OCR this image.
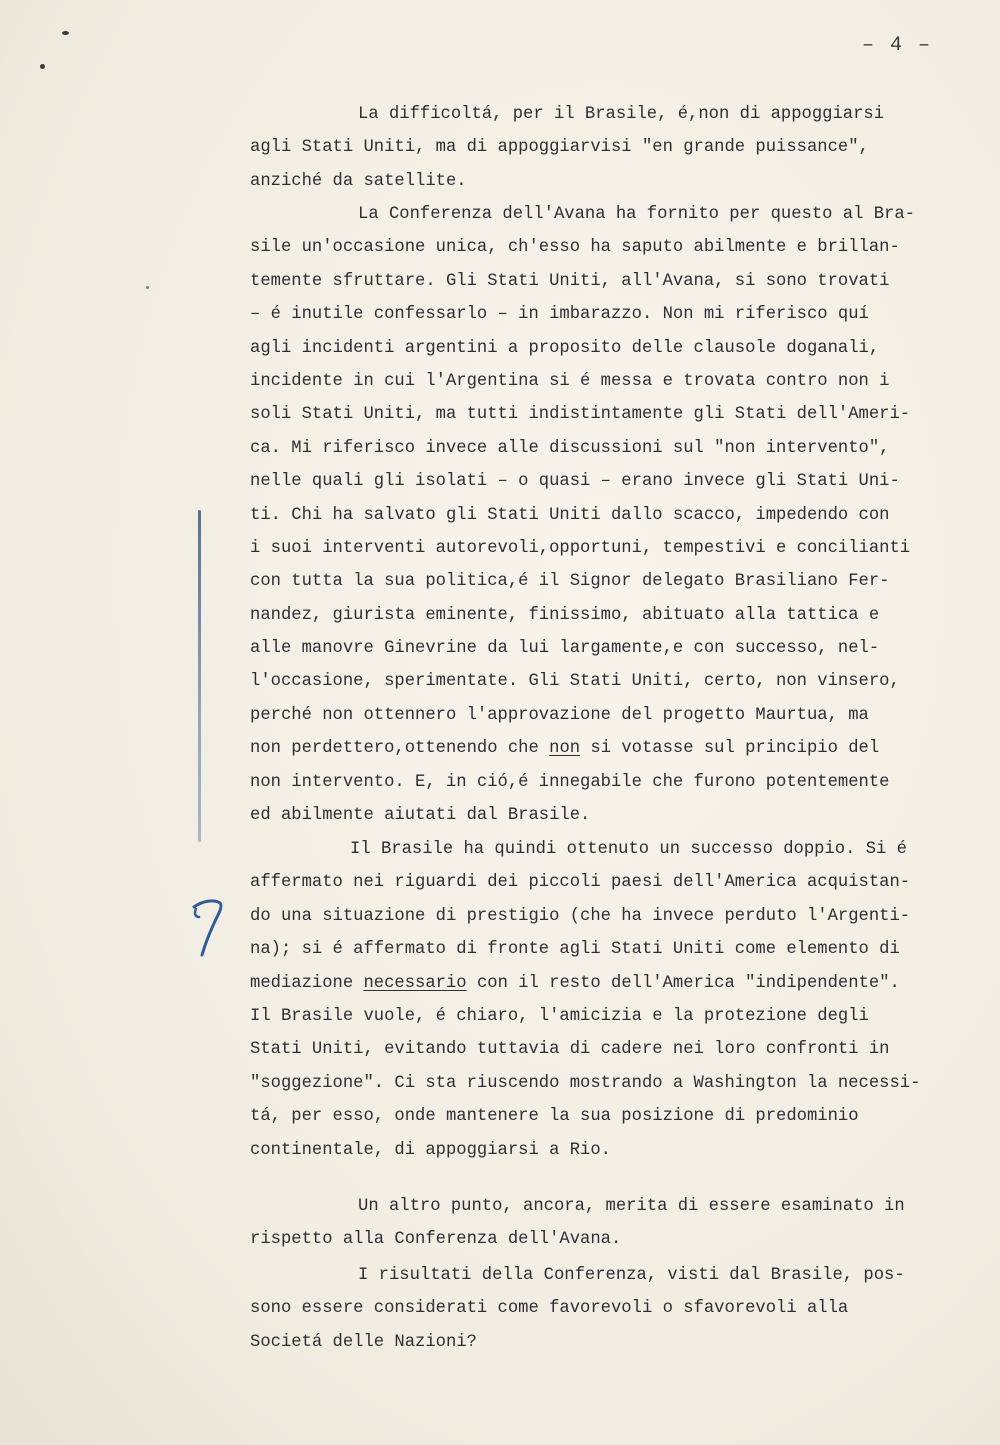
– 4 –
La difficoltá, per il Brasile, é,non di appoggiarsi
agli Stati Uniti, ma di appoggiarvisi "en grande puissance",
anziché da satellite.
La Conferenza dell'Avana ha fornito per questo al Bra-
sile un'occasione unica, ch'esso ha saputo abilmente e brillan-
temente sfruttare. Gli Stati Uniti, all'Avana, si sono trovati
– é inutile confessarlo – in imbarazzo. Non mi riferisco quí
agli incidenti argentini a proposito delle clausole doganali,
incidente in cui l'Argentina si é messa e trovata contro non i
soli Stati Uniti, ma tutti indistintamente gli Stati dell'Ameri-
ca. Mi riferisco invece alle discussioni sul "non intervento",
nelle quali gli isolati – o quasi – erano invece gli Stati Uni-
ti. Chi ha salvato gli Stati Uniti dallo scacco, impedendo con
i suoi interventi autorevoli,opportuni, tempestivi e concilianti
con tutta la sua politica,é il Signor delegato Brasiliano Fer-
nandez, giurista eminente, finissimo, abituato alla tattica e
alle manovre Ginevrine da lui largamente,e con successo, nel-
l'occasione, sperimentate. Gli Stati Uniti, certo, non vinsero,
perché non ottennero l'approvazione del progetto Maurtua, ma
non perdettero,ottenendo che non si votasse sul principio del
non intervento. E, in ció,é innegabile che furono potentemente
ed abilmente aiutati dal Brasile.
Il Brasile ha quindi ottenuto un successo doppio. Si é
affermato nei riguardi dei piccoli paesi dell'America acquistan-
do una situazione di prestigio (che ha invece perduto l'Argenti-
na); si é affermato di fronte agli Stati Uniti come elemento di
mediazione necessario con il resto dell'America "indipendente".
Il Brasile vuole, é chiaro, l'amicizia e la protezione degli
Stati Uniti, evitando tuttavia di cadere nei loro confronti in
"soggezione". Ci sta riuscendo mostrando a Washington la necessi-
tá, per esso, onde mantenere la sua posizione di predominio
continentale, di appoggiarsi a Rio.
Un altro punto, ancora, merita di essere esaminato in
rispetto alla Conferenza dell'Avana.
I risultati della Conferenza, visti dal Brasile, pos-
sono essere considerati come favorevoli o sfavorevoli alla
Societá delle Nazioni?
